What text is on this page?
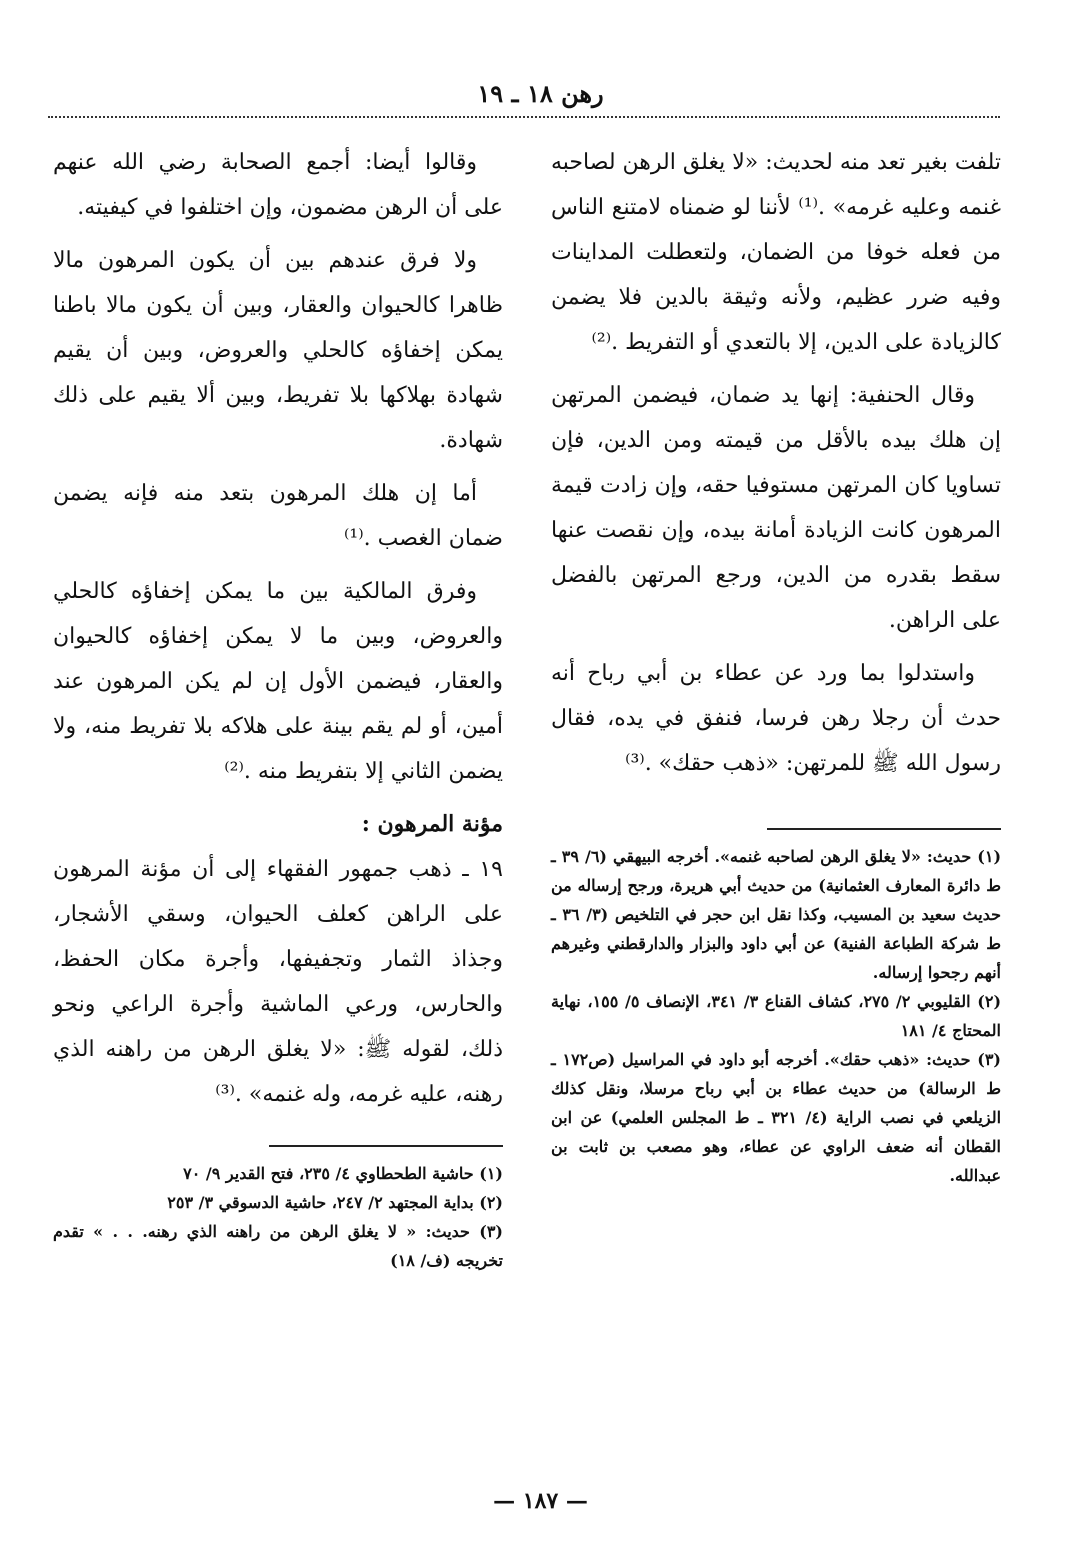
رهن ١٨ ـ ١٩

تلفت بغير تعد منه لحديث: «لا يغلق الرهن لصاحبه غنمه وعليه غرمه» .⁽¹⁾ لأننا لو ضمناه لامتنع الناس من فعله خوفا من الضمان، ولتعطلت المداينات وفيه ضرر عظيم، ولأنه وثيقة بالدين فلا يضمن كالزيادة على الدين، إلا بالتعدي أو التفريط .⁽²⁾

وقال الحنفية: إنها يد ضمان، فيضمن المرتهن إن هلك بيده بالأقل من قيمته ومن الدين، فإن تساويا كان المرتهن مستوفيا حقه، وإن زادت قيمة المرهون كانت الزيادة أمانة بيده، وإن نقصت عنها سقط بقدره من الدين، ورجع المرتهن بالفضل على الراهن.

واستدلوا بما ورد عن عطاء بن أبي رباح أنه حدث أن رجلا رهن فرسا، فنفق في يده، فقال رسول الله ﷺ للمرتهن: «ذهب حقك» .⁽³⁾

(١) حديث: «لا يغلق الرهن لصاحبه غنمه». أخرجه البيهقي (٦/ ٣٩ ـ ط دائرة المعارف العثمانية) من حديث أبي هريرة، ورجح إرساله من حديث سعيد بن المسيب، وكذا نقل ابن حجر في التلخيص (٣/ ٣٦ ـ ط شركة الطباعة الفنية) عن أبي داود والبزار والدارقطني وغيرهم أنهم رجحوا إرساله.

(٢) القليوبي ٢/ ٢٧٥، كشاف القناع ٣/ ٣٤١، الإنصاف ٥/ ١٥٥، نهاية المحتاج ٤/ ١٨١

(٣) حديث: «ذهب حقك». أخرجه أبو داود في المراسيل (ص١٧٢ ـ ط الرسالة) من حديث عطاء بن أبي رباح مرسلا، ونقل كذلك الزيلعي في نصب الراية (٤/ ٣٢١ ـ ط المجلس العلمي) عن ابن القطان أنه ضعف الراوي عن عطاء، وهو مصعب بن ثابت بن عبدالله.

وقالوا أيضا: أجمع الصحابة رضي الله عنهم على أن الرهن مضمون، وإن اختلفوا في كيفيته.

ولا فرق عندهم بين أن يكون المرهون مالا ظاهرا كالحيوان والعقار، وبين أن يكون مالا باطنا يمكن إخفاؤه كالحلي والعروض، وبين أن يقيم شهادة بهلاكها بلا تفريط، وبين ألا يقيم على ذلك شهادة.

أما إن هلك المرهون بتعد منه فإنه يضمن ضمان الغصب .⁽¹⁾

وفرق المالكية بين ما يمكن إخفاؤه كالحلي والعروض، وبين ما لا يمكن إخفاؤه كالحيوان والعقار، فيضمن الأول إن لم يكن المرهون عند أمين، أو لم يقم بينة على هلاكه بلا تفريط منه، ولا يضمن الثاني إلا بتفريط منه .⁽²⁾

مؤنة المرهون :

١٩ ـ ذهب جمهور الفقهاء إلى أن مؤنة المرهون على الراهن كعلف الحيوان، وسقي الأشجار، وجذاذ الثمار وتجفيفها، وأجرة مكان الحفظ، والحارس، ورعي الماشية وأجرة الراعي ونحو ذلك، لقوله ﷺ: «لا يغلق الرهن من راهنه الذي رهنه، عليه غرمه، وله غنمه» .⁽³⁾

(١) حاشية الطحطاوي ٤/ ٢٣٥، فتح القدير ٩/ ٧٠

(٢) بداية المجتهد ٢/ ٢٤٧، حاشية الدسوقي ٣/ ٢٥٣

(٣) حديث: « لا يغلق الرهن من راهنه الذي رهنه. . . » تقدم تخريجه (ف/ ١٨)

— ١٨٧ —
